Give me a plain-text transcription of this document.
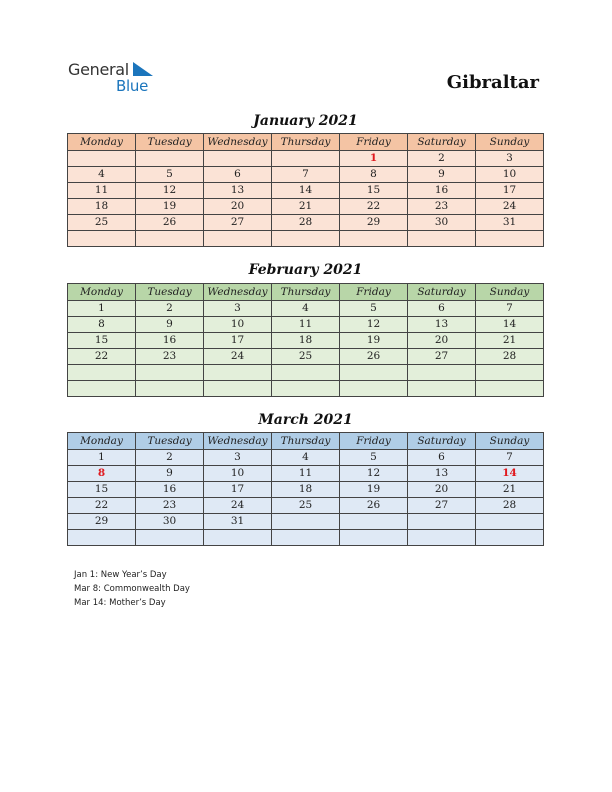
General
Blue	Gibraltar
January 2021
Monday	Tuesday	Wednesday	Thursday	Friday	Saturday	Sunday
				1	2	3
4	5	6	7	8	9	10
11	12	13	14	15	16	17
18	19	20	21	22	23	24
25	26	27	28	29	30	31

February 2021
Monday	Tuesday	Wednesday	Thursday	Friday	Saturday	Sunday
1	2	3	4	5	6	7
8	9	10	11	12	13	14
15	16	17	18	19	20	21
22	23	24	25	26	27	28

March 2021
Monday	Tuesday	Wednesday	Thursday	Friday	Saturday	Sunday
1	2	3	4	5	6	7
8	9	10	11	12	13	14
15	16	17	18	19	20	21
22	23	24	25	26	27	28
29	30	31				

Jan 1: New Year’s Day
Mar 8: Commonwealth Day
Mar 14: Mother’s Day
